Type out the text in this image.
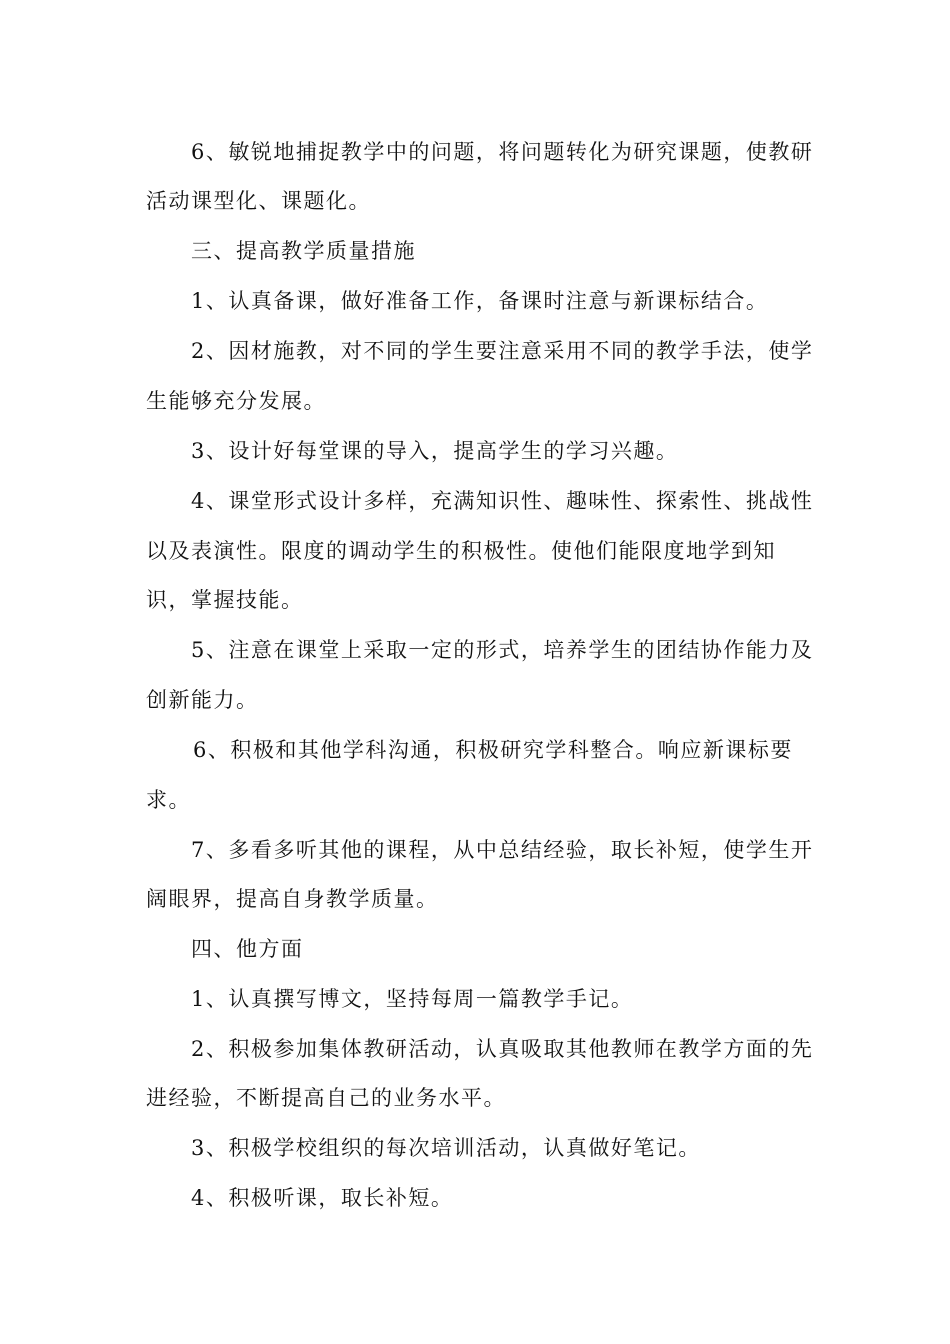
6、敏锐地捕捉教学中的问题，将问题转化为研究课题，使教研
活动课型化、课题化。
三、提高教学质量措施
1、认真备课，做好准备工作，备课时注意与新课标结合。
2、因材施教，对不同的学生要注意采用不同的教学手法，使学
生能够充分发展。
3、设计好每堂课的导入，提高学生的学习兴趣。
4、课堂形式设计多样，充满知识性、趣味性、探索性、挑战性
以及表演性。限度的调动学生的积极性。使他们能限度地学到知
识，掌握技能。
5、注意在课堂上采取一定的形式，培养学生的团结协作能力及
创新能力。
6、积极和其他学科沟通，积极研究学科整合。响应新课标要
求。
7、多看多听其他的课程，从中总结经验，取长补短，使学生开
阔眼界，提高自身教学质量。
四、他方面
1、认真撰写博文，坚持每周一篇教学手记。
2、积极参加集体教研活动，认真吸取其他教师在教学方面的先
进经验，不断提高自己的业务水平。
3、积极学校组织的每次培训活动，认真做好笔记。
4、积极听课，取长补短。
